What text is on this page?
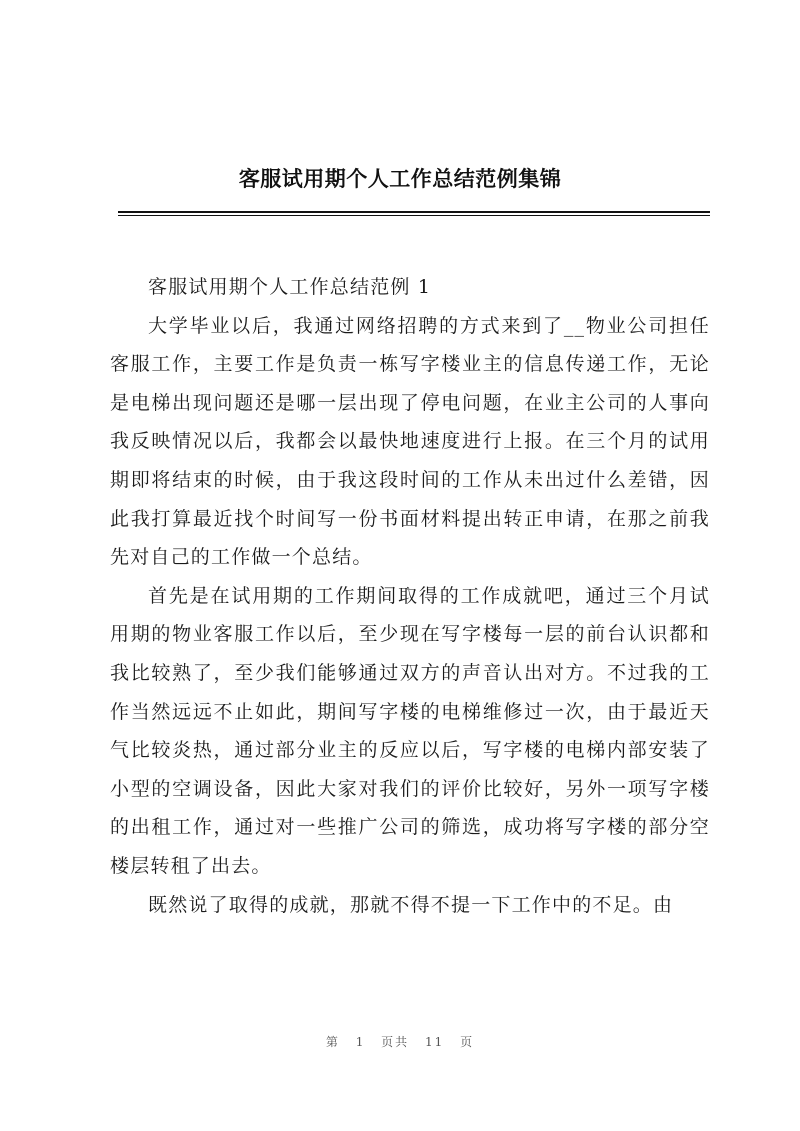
客服试用期个人工作总结范例集锦

客服试用期个人工作总结范例 1

大学毕业以后，我通过网络招聘的方式来到了__物业公司担任客服工作，主要工作是负责一栋写字楼业主的信息传递工作，无论是电梯出现问题还是哪一层出现了停电问题，在业主公司的人事向我反映情况以后，我都会以最快地速度进行上报。在三个月的试用期即将结束的时候，由于我这段时间的工作从未出过什么差错，因此我打算最近找个时间写一份书面材料提出转正申请，在那之前我先对自己的工作做一个总结。

首先是在试用期的工作期间取得的工作成就吧，通过三个月试用期的物业客服工作以后，至少现在写字楼每一层的前台认识都和我比较熟了，至少我们能够通过双方的声音认出对方。不过我的工作当然远远不止如此，期间写字楼的电梯维修过一次，由于最近天气比较炎热，通过部分业主的反应以后，写字楼的电梯内部安装了小型的空调设备，因此大家对我们的评价比较好，另外一项写字楼的出租工作，通过对一些推广公司的筛选，成功将写字楼的部分空楼层转租了出去。

既然说了取得的成就，那就不得不提一下工作中的不足。由

第 1 页共 11 页
